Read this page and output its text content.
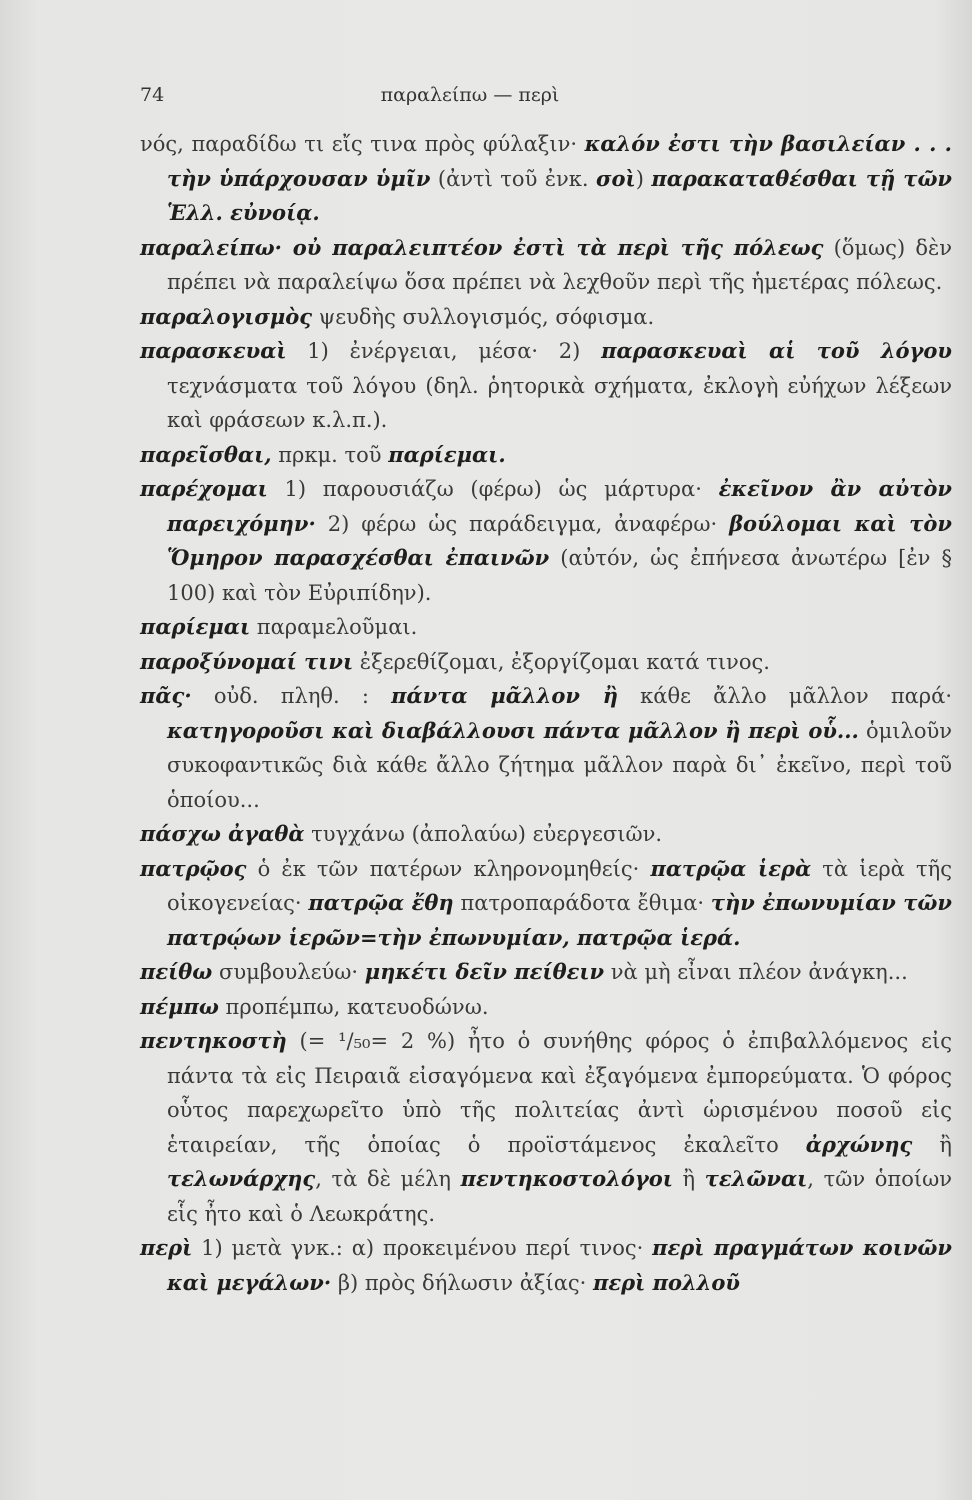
74	παραλείπω — περὶ

νός, παραδίδω τι εἴς τινα πρὸς φύλαξιν· καλόν ἐστι τὴν βασιλείαν . . . τὴν ὑπάρχουσαν ὑμῖν (ἀντὶ τοῦ ἐνκ. σοὶ) παρακαταθέσθαι τῇ τῶν Ἑλλ. εὐνοίᾳ.

παραλείπω· οὐ παραλειπτέον ἐστὶ τὰ περὶ τῆς πόλεως (ὅμως) δὲν πρέπει νὰ παραλείψω ὅσα πρέπει νὰ λεχθοῦν περὶ τῆς ἡμετέρας πόλεως.

παραλογισμὸς ψευδὴς συλλογισμός, σόφισμα.

παρασκευαὶ 1) ἐνέργειαι, μέσα· 2) παρασκευαὶ αἱ τοῦ λόγου τεχνάσματα τοῦ λόγου (δηλ. ῥητορικὰ σχήματα, ἐκλογὴ εὐήχων λέξεων καὶ φράσεων κ.λ.π.).

παρεῖσθαι, πρκμ. τοῦ παρίεμαι.

παρέχομαι 1) παρουσιάζω (φέρω) ὡς μάρτυρα· ἐκεῖνον ἂν αὐτὸν παρειχόμην· 2) φέρω ὡς παράδειγμα, ἀναφέρω· βούλομαι καὶ τὸν Ὅμηρον παρασχέσθαι ἐπαινῶν (αὐτόν, ὡς ἐπήνεσα ἀνωτέρω [ἐν § 100) καὶ τὸν Εὐριπίδην).

παρίεμαι παραμελοῦμαι.

παροξύνομαί τινι ἐξερεθίζομαι, ἐξοργίζομαι κατά τινος.

πᾶς· οὐδ. πληθ. : πάντα μᾶλλον ἢ κάθε ἄλλο μᾶλλον παρά· κατηγοροῦσι καὶ διαβάλλουσι πάντα μᾶλλον ἢ περὶ οὗ... ὁμιλοῦν συκοφαντικῶς διὰ κάθε ἄλλο ζήτημα μᾶλλον παρὰ δι᾽ ἐκεῖνο, περὶ τοῦ ὁποίου...

πάσχω ἀγαθὰ τυγχάνω (ἀπολαύω) εὐεργεσιῶν.

πατρῷος ὁ ἐκ τῶν πατέρων κληρονομηθείς· πατρῷα ἱερὰ τὰ ἱερὰ τῆς οἰκογενείας· πατρῷα ἔθη πατροπαράδοτα ἔθιμα· τὴν ἐπωνυμίαν τῶν πατρῴων ἱερῶν=τὴν ἐπωνυμίαν, πατρῷα ἱερά.

πείθω συμβουλεύω· μηκέτι δεῖν πείθειν νὰ μὴ εἶναι πλέον ἀνάγκη...

πέμπω προπέμπω, κατευοδώνω.

πεντηκοστὴ (= ¹/₅₀= 2 %) ἦτο ὁ συνήθης φόρος ὁ ἐπιβαλλόμενος εἰς πάντα τὰ εἰς Πειραιᾶ εἰσαγόμενα καὶ ἐξαγόμενα ἐμπορεύματα. Ὁ φόρος οὗτος παρεχωρεῖτο ὑπὸ τῆς πολιτείας ἀντὶ ὡρισμένου ποσοῦ εἰς ἑταιρείαν, τῆς ὁποίας ὁ προϊστάμενος ἐκαλεῖτο ἀρχώνης ἢ τελωνάρχης, τὰ δὲ μέλη πεντηκοστολόγοι ἢ τελῶναι, τῶν ὁποίων εἷς ἦτο καὶ ὁ Λεωκράτης.

περὶ 1) μετὰ γνκ.: α) προκειμένου περί τινος· περὶ πραγμάτων κοινῶν καὶ μεγάλων· β) πρὸς δήλωσιν ἀξίας· περὶ πολλοῦ
